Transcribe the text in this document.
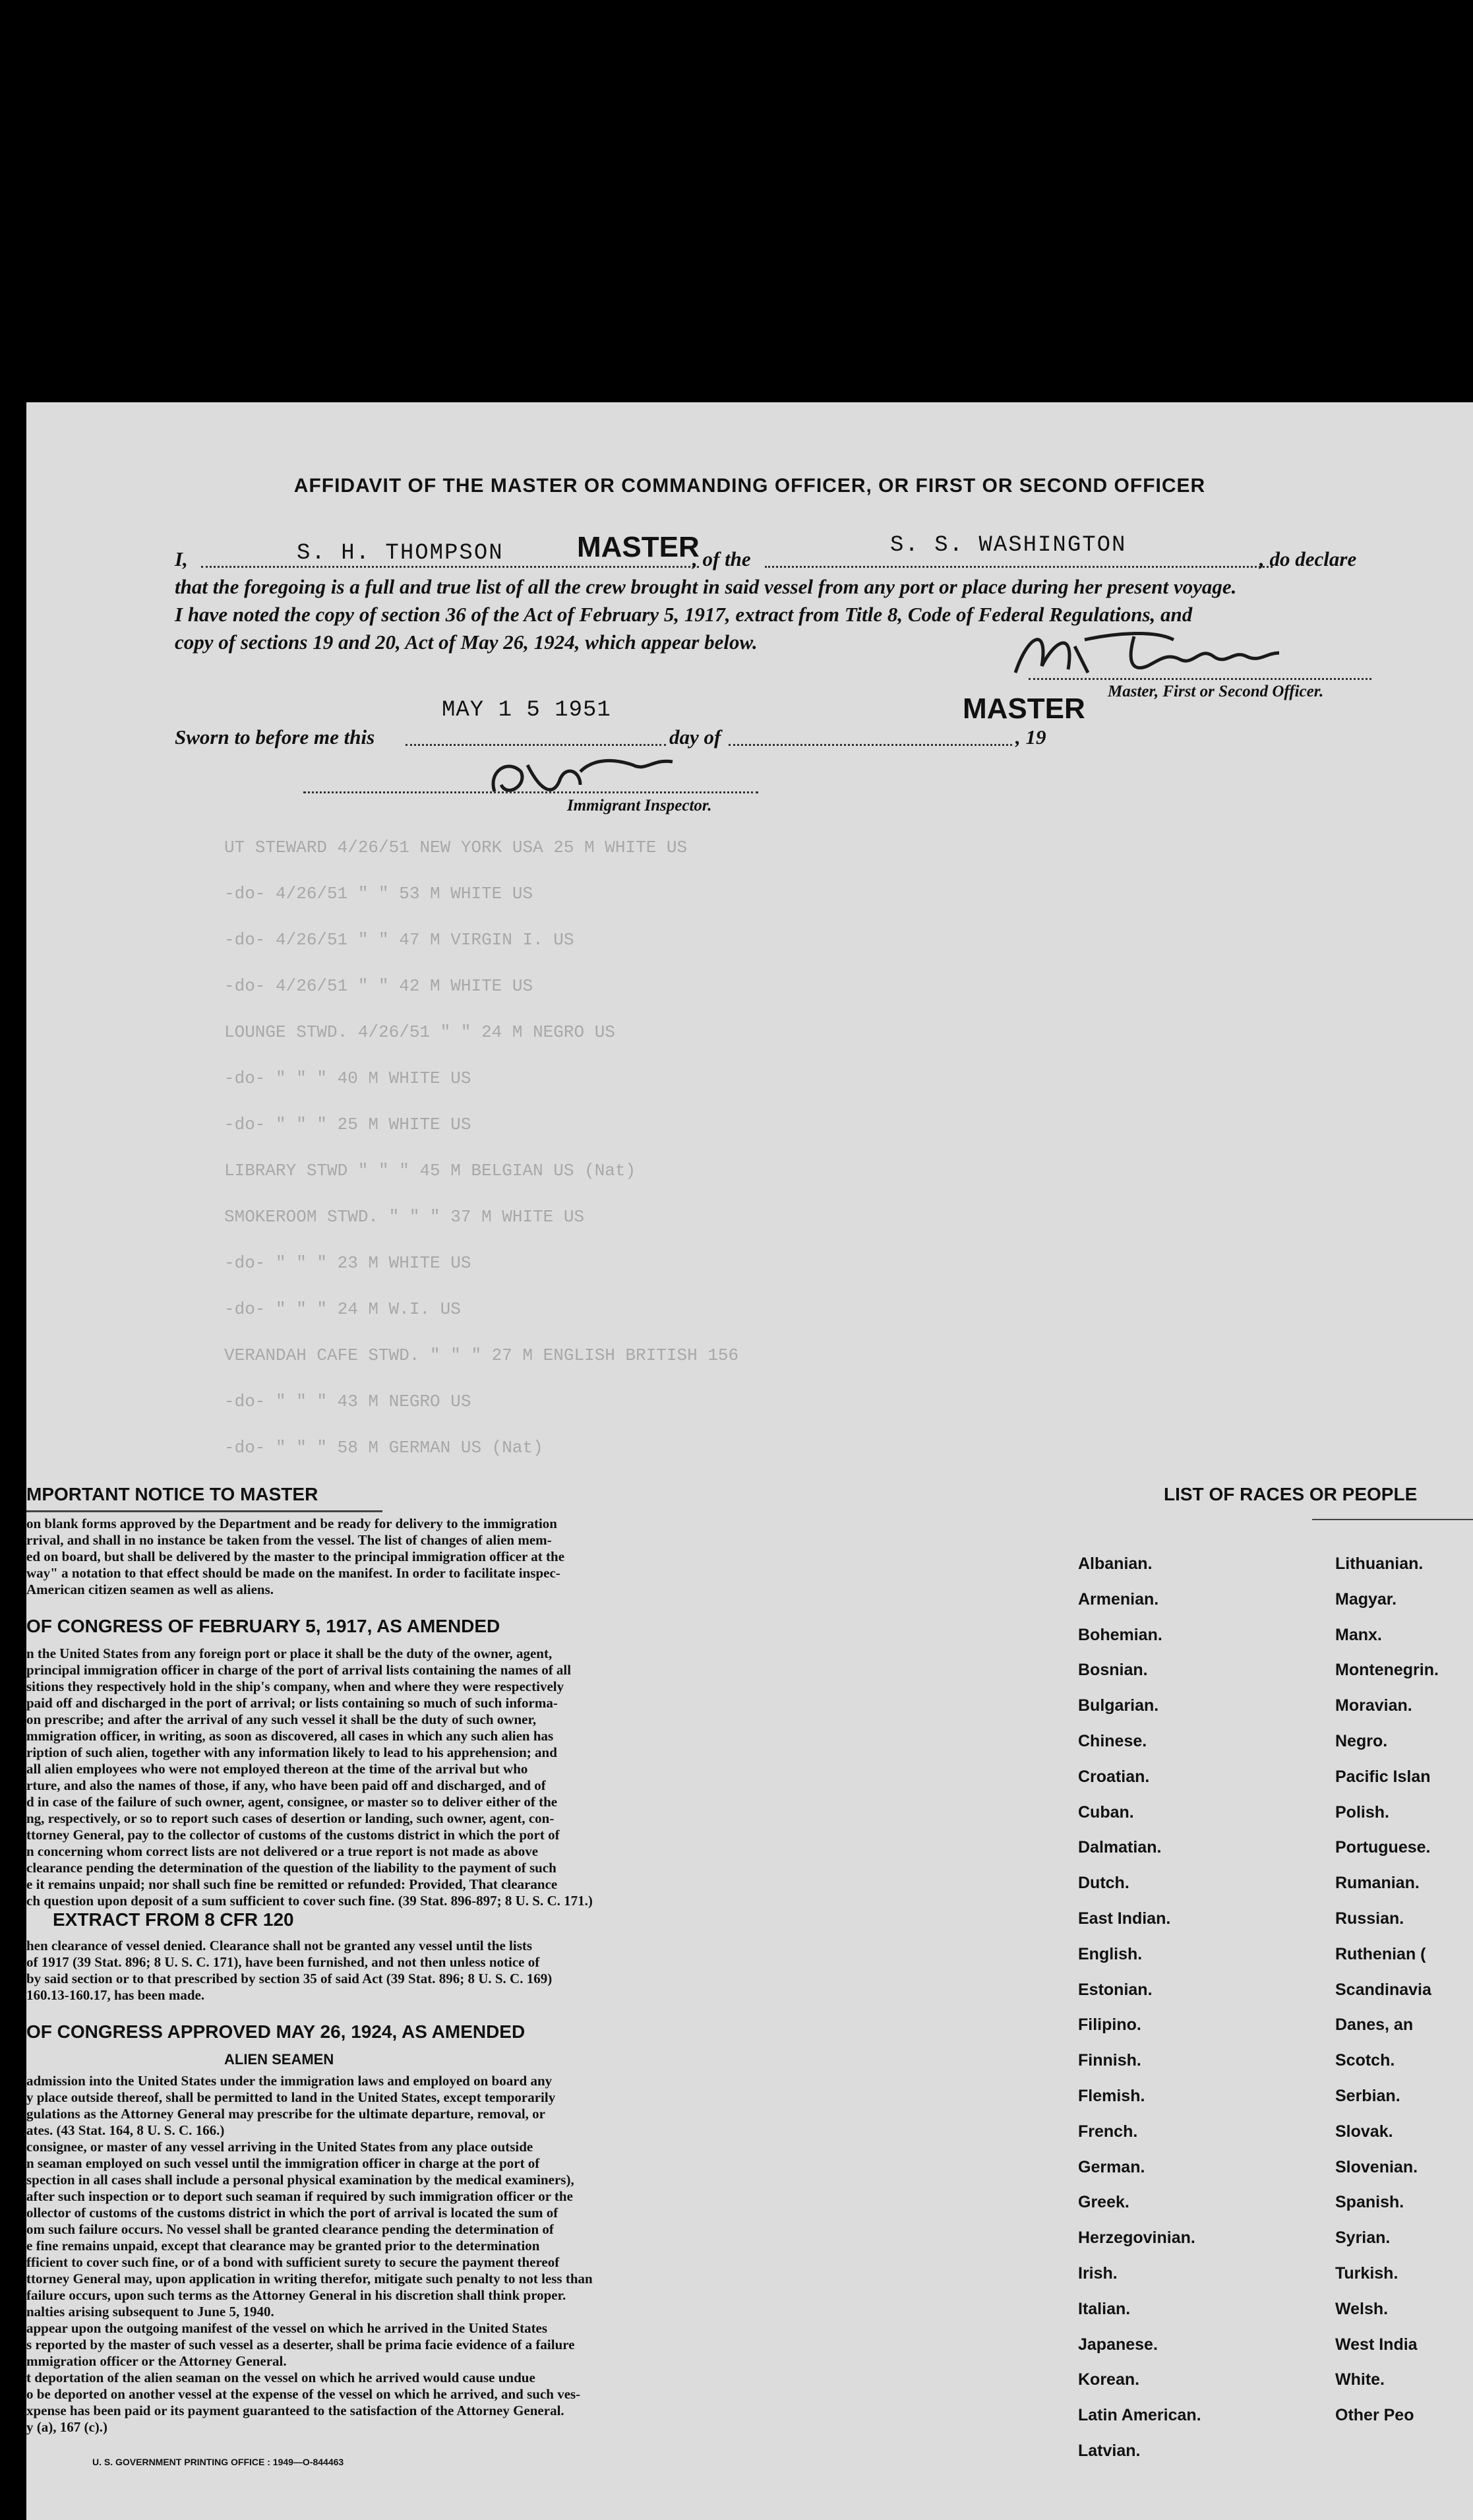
UT STEWARD 4/26/51 NEW YORK USA 25 M WHITE US
-do- 4/26/51 " " 53 M WHITE US
-do- 4/26/51 " " 47 M VIRGIN I. US
-do- 4/26/51 " " 42 M WHITE US
LOUNGE STWD. 4/26/51 " " 24 M NEGRO US
-do- " " " 40 M WHITE US
-do- " " " 25 M WHITE US
LIBRARY STWD " " " 45 M BELGIAN US (Nat)
SMOKEROOM STWD. " " " 37 M WHITE US
-do- " " " 23 M WHITE US
-do- " " " 24 M W.I. US
VERANDAH CAFE STWD. " " " 27 M ENGLISH BRITISH 156
-do- " " " 43 M NEGRO US
-do- " " " 58 M GERMAN US (Nat)
AFFIDAVIT OF THE MASTER OR COMMANDING OFFICER, OR FIRST OR SECOND OFFICER
I,	S. H. THOMPSON	MASTER
, of the
S. S. WASHINGTON
, do declare
that the foregoing is a full and true list of all the crew brought in said vessel from any port or place during her present voyage.
I have noted the copy of section 36 of the Act of February 5, 1917, extract from Title 8, Code of Federal Regulations, and
copy of sections 19 and 20, Act of May 26, 1924, which appear below.
Master, First or Second Officer.
Sworn to before me this
MAY 1 5 1951
day of	, 19
MASTER
Immigrant Inspector.
MPORTANT NOTICE TO MASTER
on blank forms approved by the Department and be ready for delivery to the immigration
rrival, and shall in no instance be taken from the vessel. The list of changes of alien mem-
ed on board, but shall be delivered by the master to the principal immigration officer at the
way" a notation to that effect should be made on the manifest. In order to facilitate inspec-
American citizen seamen as well as aliens.
OF CONGRESS OF FEBRUARY 5, 1917, AS AMENDED
n the United States from any foreign port or place it shall be the duty of the owner, agent,
principal immigration officer in charge of the port of arrival lists containing the names of all
sitions they respectively hold in the ship's company, when and where they were respectively
paid off and discharged in the port of arrival; or lists containing so much of such informa-
on prescribe; and after the arrival of any such vessel it shall be the duty of such owner,
mmigration officer, in writing, as soon as discovered, all cases in which any such alien has
ription of such alien, together with any information likely to lead to his apprehension; and
all alien employees who were not employed thereon at the time of the arrival but who
rture, and also the names of those, if any, who have been paid off and discharged, and of
d in case of the failure of such owner, agent, consignee, or master so to deliver either of the
ng, respectively, or so to report such cases of desertion or landing, such owner, agent, con-
ttorney General, pay to the collector of customs of the customs district in which the port of
n concerning whom correct lists are not delivered or a true report is not made as above
clearance pending the determination of the question of the liability to the payment of such
e it remains unpaid; nor shall such fine be remitted or refunded: Provided, That clearance
ch question upon deposit of a sum sufficient to cover such fine. (39 Stat. 896-897; 8 U. S. C. 171.)
EXTRACT FROM 8 CFR 120
hen clearance of vessel denied. Clearance shall not be granted any vessel until the lists
of 1917 (39 Stat. 896; 8 U. S. C. 171), have been furnished, and not then unless notice of
by said section or to that prescribed by section 35 of said Act (39 Stat. 896; 8 U. S. C. 169)
160.13-160.17, has been made.
OF CONGRESS APPROVED MAY 26, 1924, AS AMENDED
ALIEN SEAMEN
admission into the United States under the immigration laws and employed on board any
y place outside thereof, shall be permitted to land in the United States, except temporarily
gulations as the Attorney General may prescribe for the ultimate departure, removal, or
ates. (43 Stat. 164, 8 U. S. C. 166.)
consignee, or master of any vessel arriving in the United States from any place outside
n seaman employed on such vessel until the immigration officer in charge at the port of
spection in all cases shall include a personal physical examination by the medical examiners),
after such inspection or to deport such seaman if required by such immigration officer or the
ollector of customs of the customs district in which the port of arrival is located the sum of
om such failure occurs. No vessel shall be granted clearance pending the determination of
e fine remains unpaid, except that clearance may be granted prior to the determination
fficient to cover such fine, or of a bond with sufficient surety to secure the payment thereof
ttorney General may, upon application in writing therefor, mitigate such penalty to not less than
failure occurs, upon such terms as the Attorney General in his discretion shall think proper.
nalties arising subsequent to June 5, 1940.
appear upon the outgoing manifest of the vessel on which he arrived in the United States
s reported by the master of such vessel as a deserter, shall be prima facie evidence of a failure
mmigration officer or the Attorney General.
t deportation of the alien seaman on the vessel on which he arrived would cause undue
o be deported on another vessel at the expense of the vessel on which he arrived, and such ves-
xpense has been paid or its payment guaranteed to the satisfaction of the Attorney General.
y (a), 167 (c).)
U. S. GOVERNMENT PRINTING OFFICE : 1949—O-844463
LIST OF RACES OR PEOPLE
Albanian.
Armenian.
Bohemian.
Bosnian.
Bulgarian.
Chinese.
Croatian.
Cuban.
Dalmatian.
Dutch.
East Indian.
English.
Estonian.
Filipino.
Finnish.
Flemish.
French.
German.
Greek.
Herzegovinian.
Irish.
Italian.
Japanese.
Korean.
Latin American.
Latvian.
Lithuanian.
Magyar.
Manx.
Montenegrin.
Moravian.
Negro.
Pacific Islan
Polish.
Portuguese.
Rumanian.
Russian.
Ruthenian (
Scandinavia
Danes, an
Scotch.
Serbian.
Slovak.
Slovenian.
Spanish.
Syrian.
Turkish.
Welsh.
West India
White.
Other Peo
